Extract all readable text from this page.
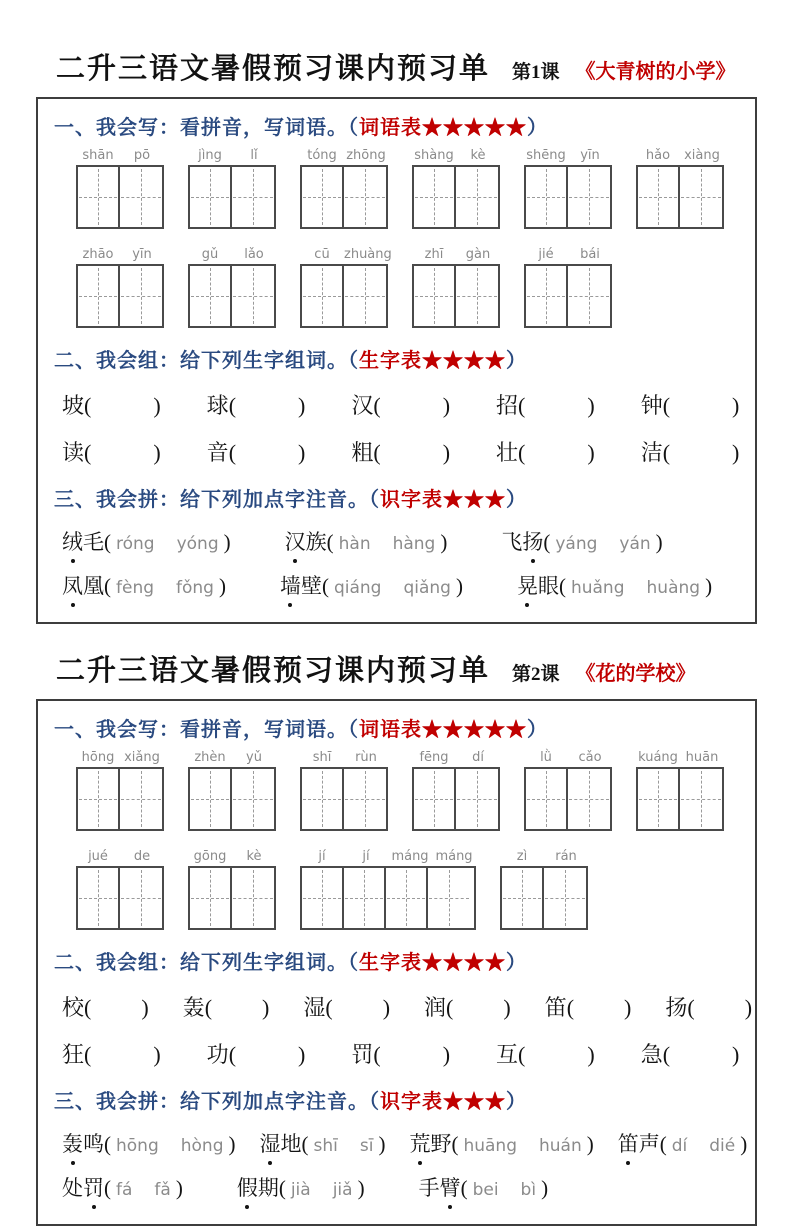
二升三语文暑假预习课内预习单 第1课 《大青树的小学》
一、我会写：看拼音，写词语。（词语表★★★★★）
shān	pō	jìng	lǐ	tóng zhōng shàng	kè	shēng	yīn	hǎo	xiàng
zhāo	yīn	gǔ	lǎo	cū	zhuàng	zhī	gàn	jié	bái
二、我会组：给下列生字组词。（生字表★★★★）
坡 (	) 球 (	) 汉 (	) 招 (	) 钟 (	)
读 (	) 音 (	) 粗 (	) 壮 (	) 洁 (	)
三、我会拼：给下列加点字注音。（识字表★★★）
绒 毛 ( róng yóng )	汉 族 ( hàn hàng )	飞 扬 ( yáng yán )
凤 凰 ( fèng fǒng )	墙 壁 ( qiáng qiǎng )	晃 眼 ( huǎng huàng )
二升三语文暑假预习课内预习单 第2课 《花的学校》
一、我会写：看拼音，写词语。（词语表★★★★★）
hōng xiǎng	zhèn	yǔ	shī	rùn	fēng	dí	lǜ	cǎo	kuáng huān
jué	de	gōng	kè	jí	jí	máng máng	zì	rán
二、我会组：给下列生字组词。（生字表★★★★）
校 ( ) 轰 ( ) 湿 ( ) 润 ( ) 笛 ( ) 扬 ( )
狂 (	) 功 (	) 罚 (	) 互 (	) 急 (	)
三、我会拼：给下列加点字注音。（识字表★★★）
轰 鸣 ( hōng hòng ) 湿 地 ( shī sī ) 荒 野 ( huāng huán ) 笛 声 ( dí dié )
处 罚 ( fá fǎ )	假 期 ( jià jiǎ )	手 臂 ( bei bì )
